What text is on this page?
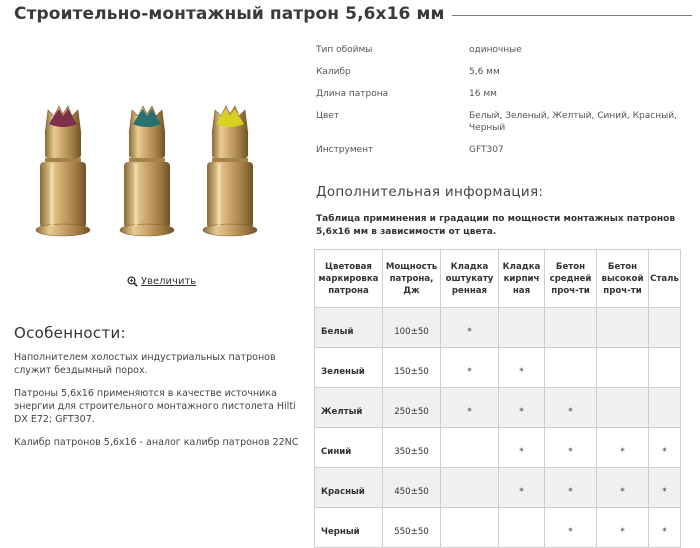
Строительно-монтажный патрон 5,6х16 мм
Увеличить
Тип обоймы	одиночные
Калибр	5,6 мм
Длина патрона	16 мм
Цвет	Белый, Зеленый, Желтый, Синий, Красный, Черный
Инструмент	GFT307
Дополнительная информация:
Таблица приминения и градации по мощности монтажных патронов 5,6х16 мм в зависимости от цвета.
Цветовая маркировка патрона	Мощность патрона, Дж	Кладка оштукату ренная	Кладка кирпич ная	Бетон средней проч-ти	Бетон высокой проч-ти	Сталь
Белый	100±50	*				
Зеленый	150±50	*	*			
Желтый	250±50	*	*	*		
Синий	350±50		*	*	*	*
Красный	450±50		*	*	*	*
Черный	550±50			*	*	*
Особенности:

Наполнителем холостых индустриальных патронов служит бездымный порох.

Патроны 5,6х16 применяются в качестве источника энергии для строительного монтажного пистолета Hilti DX E72; GFT307.

Калибр патронов 5,6х16 - аналог калибр патронов 22NC
